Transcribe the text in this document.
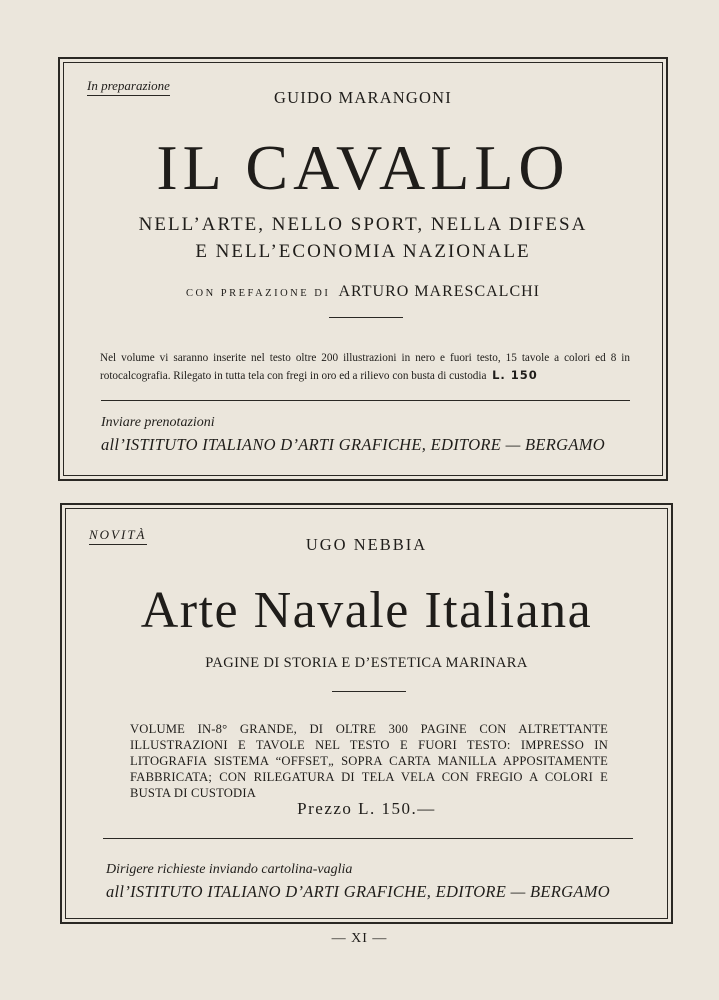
In preparazione
GUIDO MARANGONI
IL CAVALLO
NELL’ARTE, NELLO SPORT, NELLA DIFESA
E NELL’ECONOMIA NAZIONALE
CON PREFAZIONE DI ARTURO MARESCALCHI
Nel volume vi saranno inserite nel testo oltre 200 illustrazioni in nero e fuori testo, 15 tavole a colori ed 8 in rotocalcografia. Rilegato in tutta tela con fregi in oro ed a rilievo con busta di custodia L. 150
Inviare prenotazioni
all’ISTITUTO ITALIANO D’ARTI GRAFICHE, EDITORE — BERGAMO
NOVITÀ
UGO NEBBIA
Arte Navale Italiana
PAGINE DI STORIA E D’ESTETICA MARINARA
VOLUME IN-8° GRANDE, DI OLTRE 300 PAGINE CON ALTRETTANTE ILLUSTRAZIONI E TAVOLE NEL TESTO E FUORI TESTO: IMPRESSO IN LITOGRAFIA SISTEMA “OFFSET„ SOPRA CARTA MANILLA APPOSITAMENTE FABBRICATA; CON RILEGATURA DI TELA VELA CON FREGIO A COLORI E BUSTA DI CUSTODIA
Prezzo L. 150.—
Dirigere richieste inviando cartolina-vaglia
all’ISTITUTO ITALIANO D’ARTI GRAFICHE, EDITORE — BERGAMO
— XI —
